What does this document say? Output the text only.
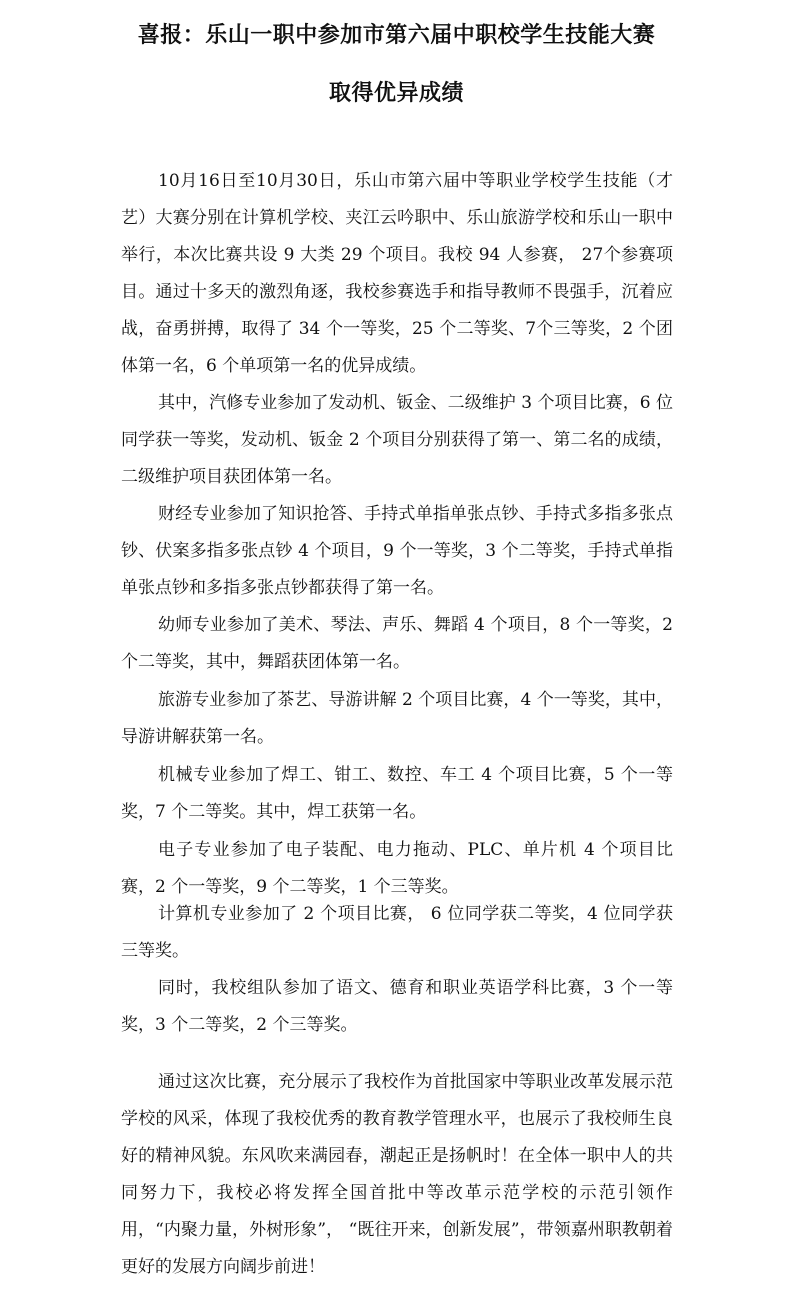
喜报：乐山一职中参加市第六届中职校学生技能大赛
取得优异成绩

10月16日至10月30日，乐山市第六届中等职业学校学生技能（才艺）大赛分别在计算机学校、夹江云吟职中、乐山旅游学校和乐山一职中举行，本次比赛共设 9 大类 29 个项目。我校 94 人参赛， 27个参赛项目。通过十多天的激烈角逐，我校参赛选手和指导教师不畏强手，沉着应战，奋勇拼搏，取得了 34 个一等奖，25 个二等奖、7个三等奖，2 个团体第一名，6 个单项第一名的优异成绩。

其中，汽修专业参加了发动机、钣金、二级维护 3 个项目比赛，6 位同学获一等奖，发动机、钣金 2 个项目分别获得了第一、第二名的成绩，二级维护项目获团体第一名。

财经专业参加了知识抢答、手持式单指单张点钞、手持式多指多张点钞、伏案多指多张点钞 4 个项目，9 个一等奖，3 个二等奖，手持式单指单张点钞和多指多张点钞都获得了第一名。

幼师专业参加了美术、琴法、声乐、舞蹈 4 个项目，8 个一等奖，2 个二等奖，其中，舞蹈获团体第一名。

旅游专业参加了茶艺、导游讲解 2 个项目比赛，4 个一等奖，其中，导游讲解获第一名。

机械专业参加了焊工、钳工、数控、车工 4 个项目比赛，5 个一等奖，7 个二等奖。其中，焊工获第一名。

电子专业参加了电子装配、电力拖动、PLC、单片机 4 个项目比赛，2 个一等奖，9 个二等奖，1 个三等奖。

计算机专业参加了 2 个项目比赛， 6 位同学获二等奖，4 位同学获三等奖。

同时，我校组队参加了语文、德育和职业英语学科比赛，3 个一等奖，3 个二等奖，2 个三等奖。

通过这次比赛，充分展示了我校作为首批国家中等职业改革发展示范学校的风采，体现了我校优秀的教育教学管理水平，也展示了我校师生良好的精神风貌。东风吹来满园春，潮起正是扬帆时！在全体一职中人的共同努力下，我校必将发挥全国首批中等改革示范学校的示范引领作用，“内聚力量，外树形象”， “既往开来，创新发展”，带领嘉州职教朝着更好的发展方向阔步前进！
